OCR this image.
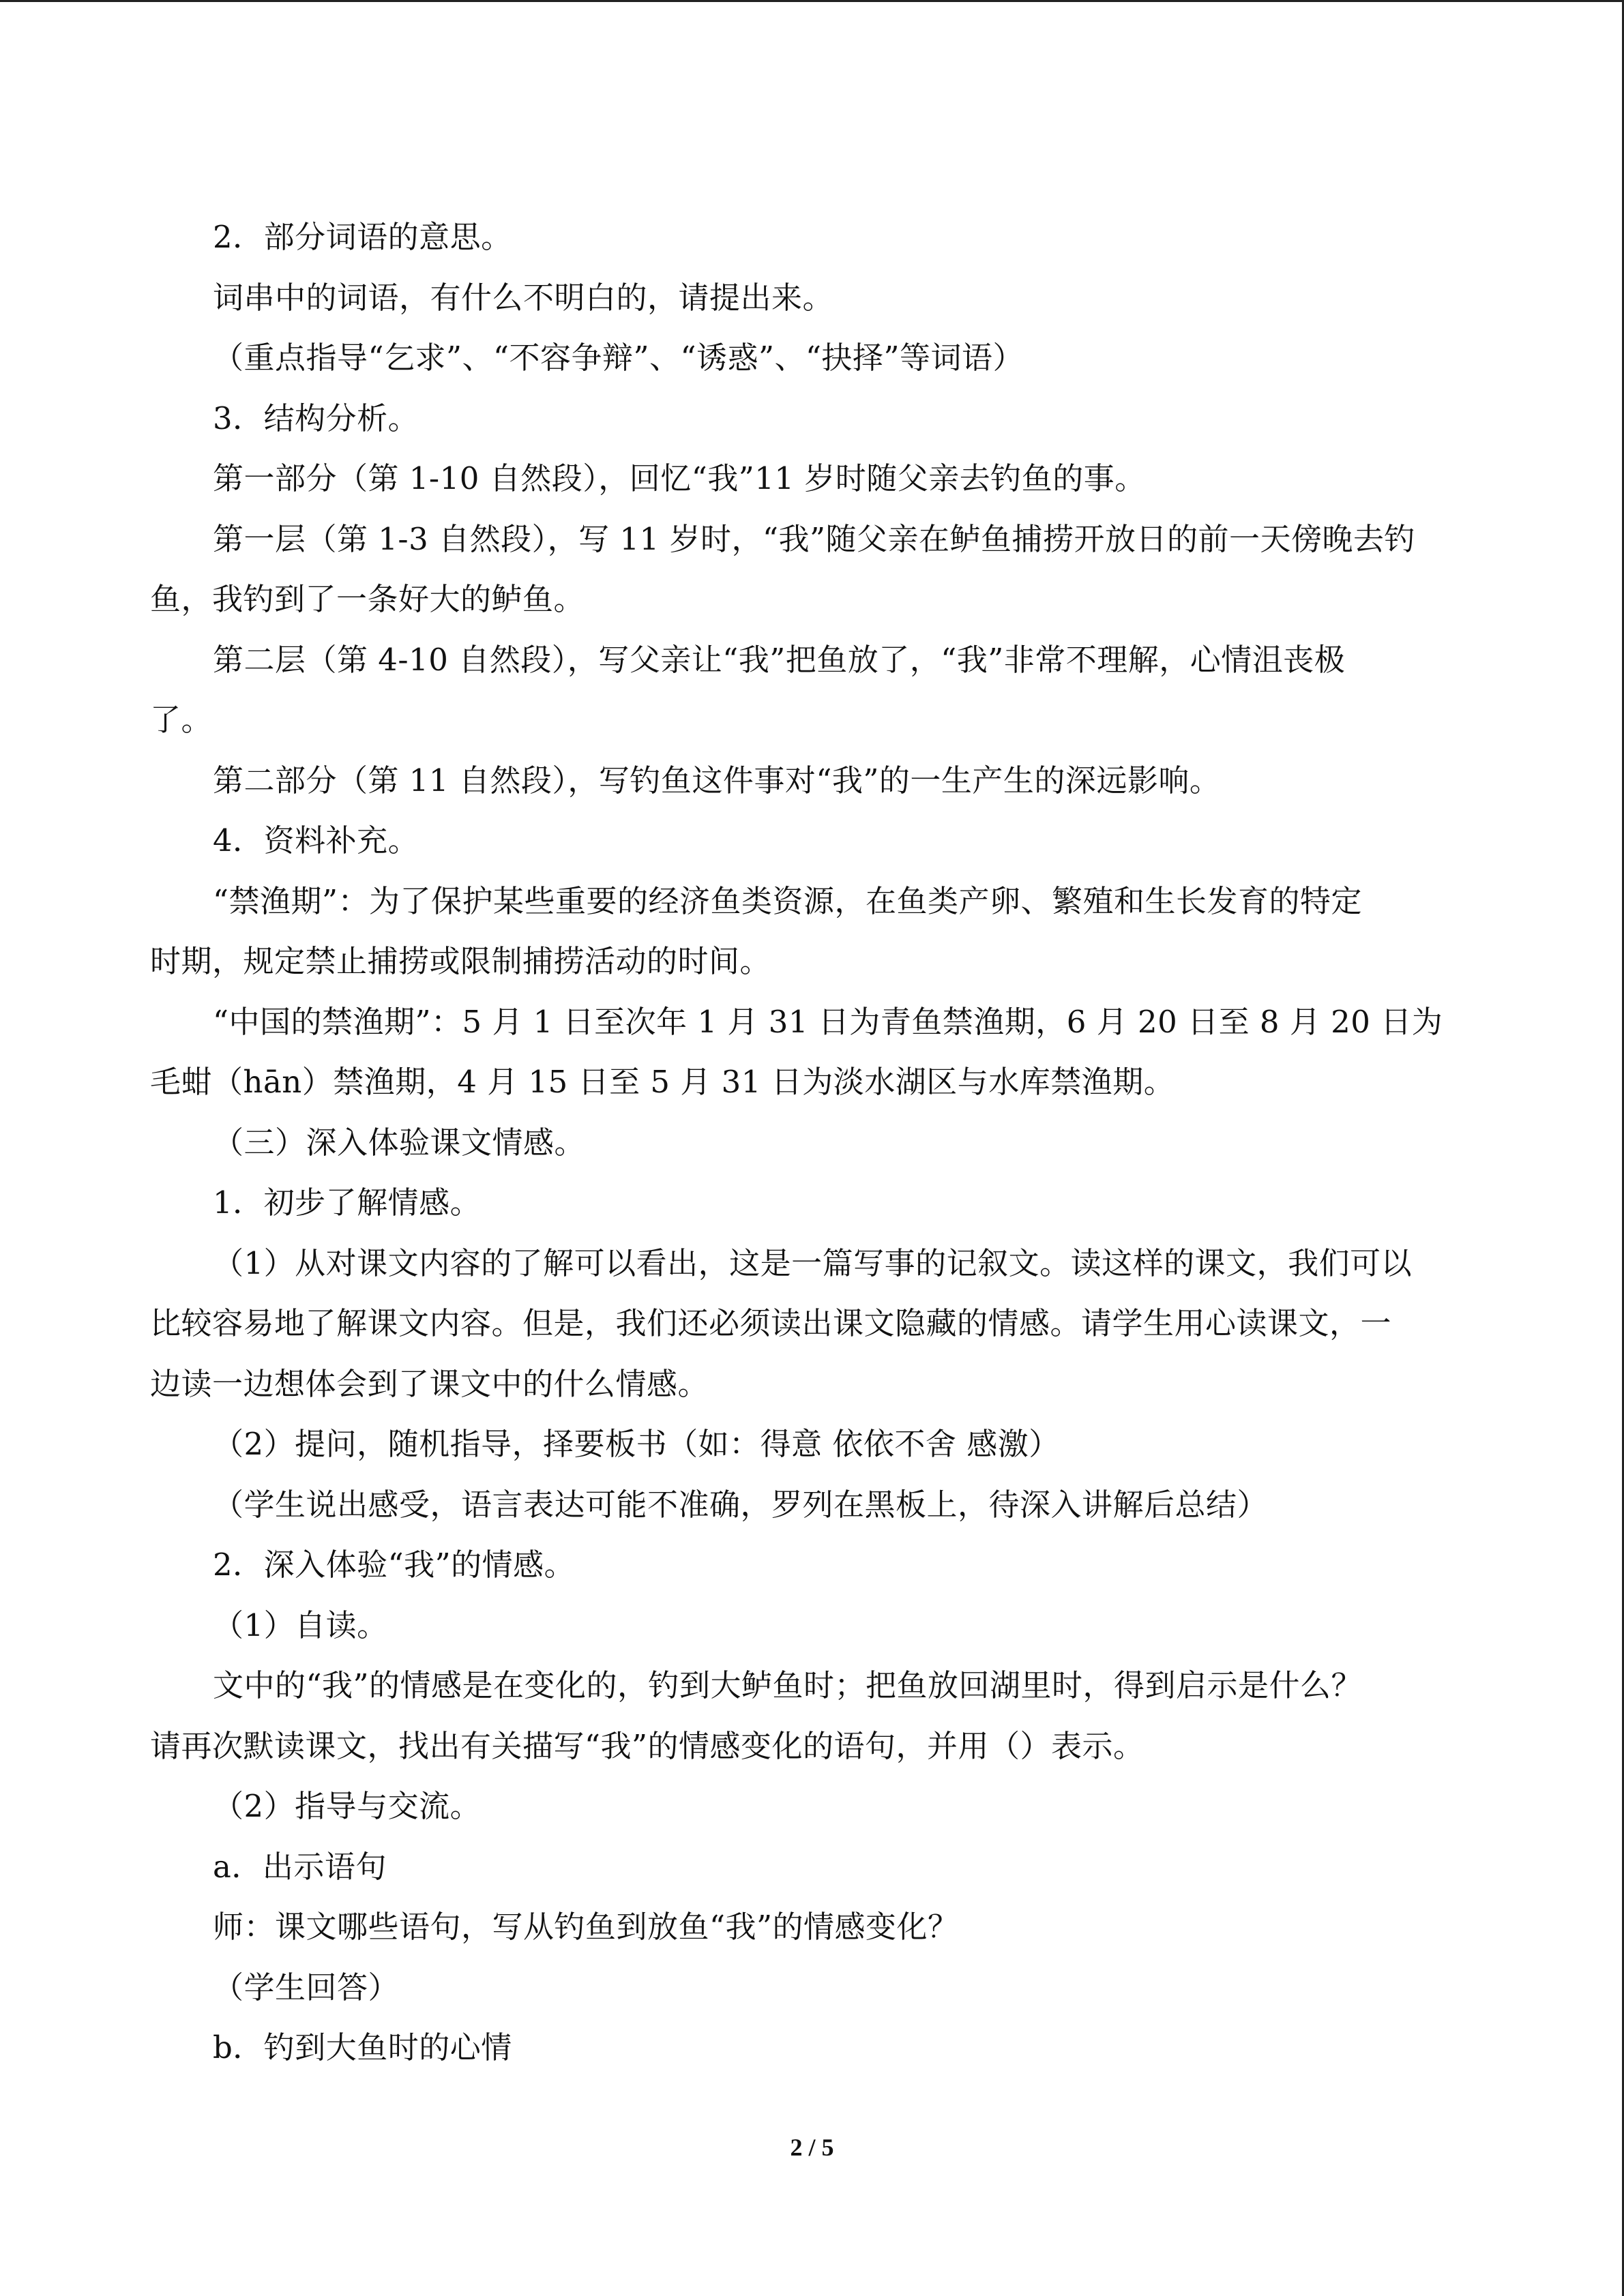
2．部分词语的意思。
词串中的词语，有什么不明白的，请提出来。
（重点指导“乞求”、“不容争辩”、“诱惑”、“抉择”等词语）
3．结构分析。
第一部分（第 1-10 自然段），回忆“我”11 岁时随父亲去钓鱼的事。
第一层（第 1-3 自然段），写 11 岁时，“我”随父亲在鲈鱼捕捞开放日的前一天傍晚去钓
鱼，我钓到了一条好大的鲈鱼。
第二层（第 4-10 自然段），写父亲让“我”把鱼放了，“我”非常不理解，心情沮丧极
了。
第二部分（第 11 自然段），写钓鱼这件事对“我”的一生产生的深远影响。
4．资料补充。
“禁渔期”：为了保护某些重要的经济鱼类资源，在鱼类产卵、繁殖和生长发育的特定
时期，规定禁止捕捞或限制捕捞活动的时间。
“中国的禁渔期”：5 月 1 日至次年 1 月 31 日为青鱼禁渔期，6 月 20 日至 8 月 20 日为
毛蚶（hān）禁渔期，4 月 15 日至 5 月 31 日为淡水湖区与水库禁渔期。
（三）深入体验课文情感。
1．初步了解情感。
（1）从对课文内容的了解可以看出，这是一篇写事的记叙文。读这样的课文，我们可以
比较容易地了解课文内容。但是，我们还必须读出课文隐藏的情感。请学生用心读课文，一
边读一边想体会到了课文中的什么情感。
（2）提问，随机指导，择要板书（如：得意 依依不舍 感激）
（学生说出感受，语言表达可能不准确，罗列在黑板上，待深入讲解后总结）
2．深入体验“我”的情感。
（1）自读。
文中的“我”的情感是在变化的，钓到大鲈鱼时；把鱼放回湖里时，得到启示是什么？
请再次默读课文，找出有关描写“我”的情感变化的语句，并用（）表示。
（2）指导与交流。
a．出示语句
师：课文哪些语句，写从钓鱼到放鱼“我”的情感变化？
（学生回答）
b．钓到大鱼时的心情
2 / 5
